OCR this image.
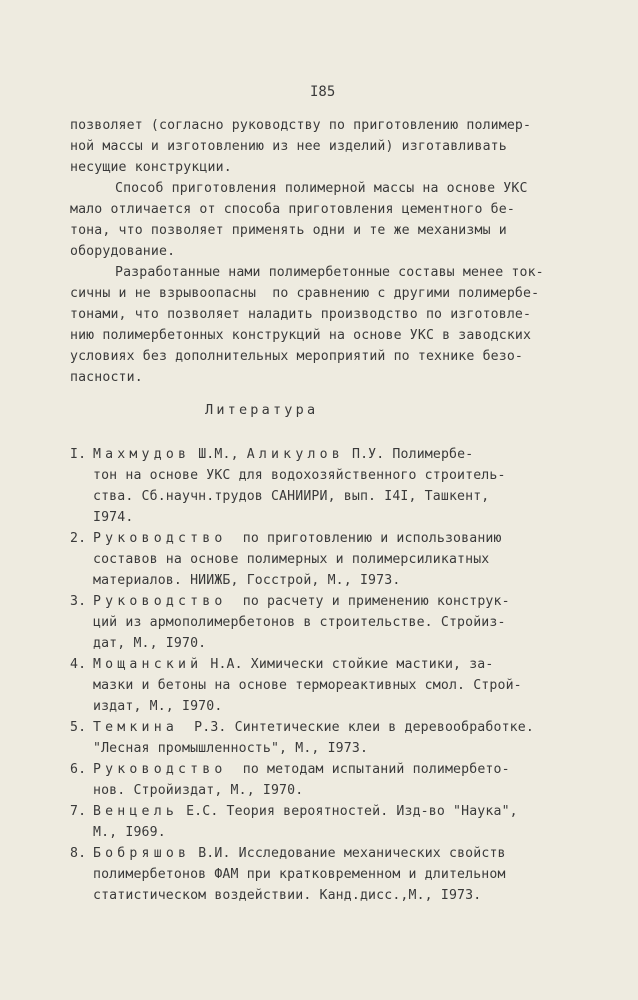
I85
позволяет (согласно руководству по приготовлению полимер-
ной массы и изготовлению из нее изделий) изготавливать
несущие конструкции.
Способ приготовления полимерной массы на основе УКС
мало отличается от способа приготовления цементного бе-
тона, что позволяет применять одни и те же механизмы и
оборудование.
Разработанные нами полимербетонные составы менее ток-
сичны и не взрывоопасны  по сравнению с другими полимербе-
тонами, что позволяет наладить производство по изготовле-
нию полимербетонных конструкций на основе УКС в заводских
условиях без дополнительных мероприятий по технике безо-
пасности.
Литература
I. Махмудов Ш.М., Аликулов П.У. Полимербе-
тон на основе УКС для водохозяйственного строитель-
ства. Сб.научн.трудов САНИИРИ, вып. I4I, Ташкент,
I974.
2. Руководство  по приготовлению и использованию
составов на основе полимерных и полимерсиликатных
материалов. НИИЖБ, Госстрой, М., I973.
3. Руководство  по расчету и применению конструк-
ций из армополимербетонов в строительстве. Стройиз-
дат, М., I970.
4. Мощанский Н.А. Химически стойкие мастики, за-
мазки и бетоны на основе термореактивных смол. Строй-
издат, М., I970.
5. Темкина  Р.З. Синтетические клеи в деревообработке.
"Лесная промышленность", М., I973.
6. Руководство  по методам испытаний полимербето-
нов. Стройиздат, М., I970.
7. Венцель Е.С. Теория вероятностей. Изд-во "Наука",
М., I969.
8. Бобряшов В.И. Исследование механических свойств
полимербетонов ФАМ при кратковременном и длительном
статистическом воздействии. Канд.дисс.,М., I973.
